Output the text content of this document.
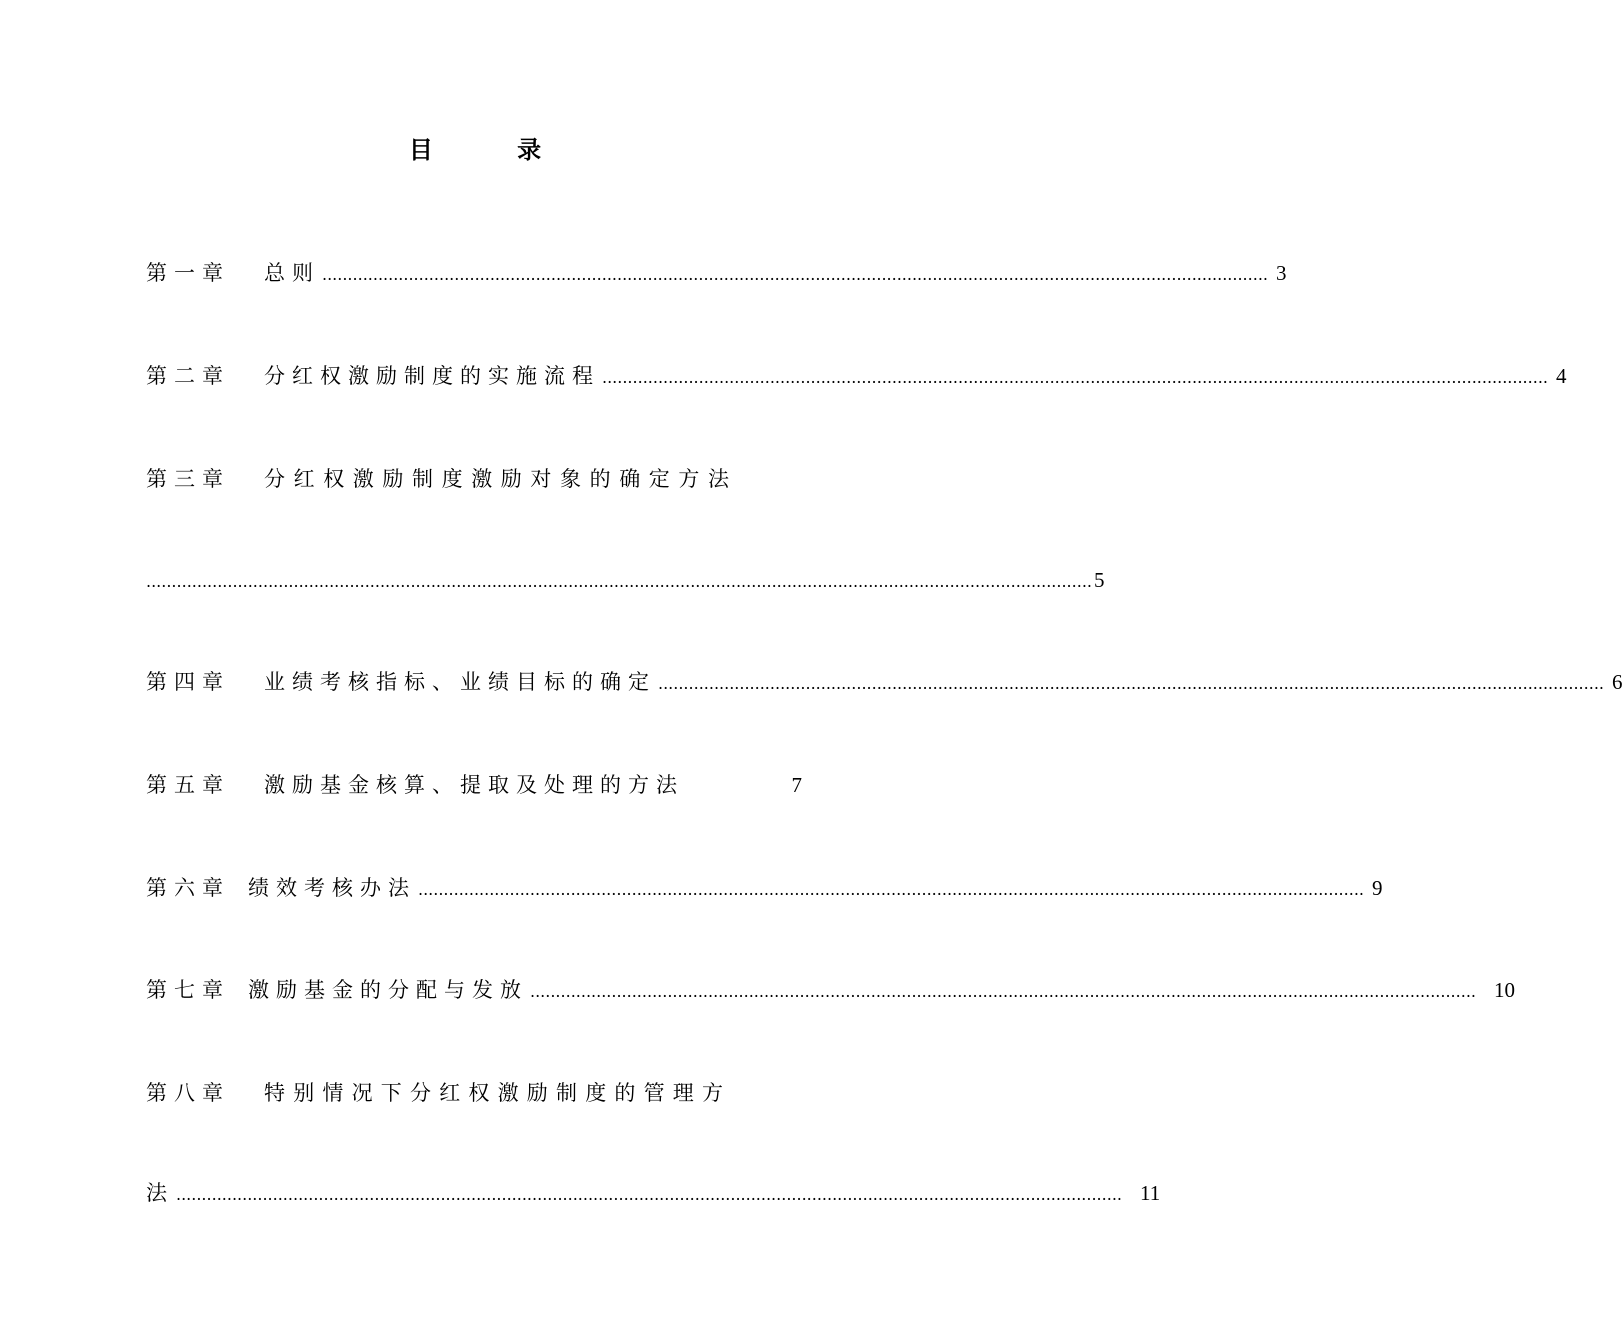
目 录
第一章 总则 .......................................................................................................................................................................................... 3
第二章 分红权激励制度的实施流程 .......................................................................................................................................................................................... 4
第三章 分红权激励制度激励对象的确定方法
.......................................................................................................................................................................................... 5
第四章 业绩考核指标、业绩目标的确定 .......................................................................................................................................................................................... 6
第五章 激励基金核算、提取及处理的方法	7
第六章 绩效考核办法 .......................................................................................................................................................................................... 9
第七章 激励基金的分配与发放 .......................................................................................................................................................................................... 10
第八章 特别情况下分红权激励制度的管理方
法 .......................................................................................................................................................................................... 11
